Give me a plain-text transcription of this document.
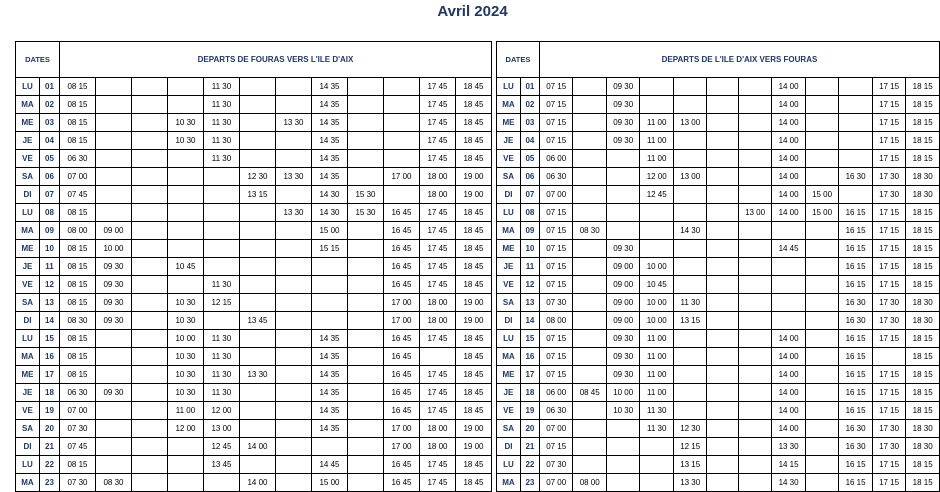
Avril 2024
DATES		DEPARTS DE FOURAS VERS L'ILE D'AIX											
LU	01	08 15				11 30			14 35			17 45	18 45
MA	02	08 15				11 30			14 35			17 45	18 45
ME	03	08 15			10 30	11 30		13 30	14 35			17 45	18 45
JE	04	08 15			10 30	11 30			14 35			17 45	18 45
VE	05	06 30				11 30			14 35			17 45	18 45
SA	06	07 00					12 30	13 30	14 35		17 00	18 00	19 00
DI	07	07 45					13 15		14 30	15 30		18 00	19 00
LU	08	08 15						13 30	14 30	15 30	16 45	17 45	18 45
MA	09	08 00	09 00						15 00		16 45	17 45	18 45
ME	10	08 15	10 00						15 15		16 45	17 45	18 45
JE	11	08 15	09 30		10 45						16 45	17 45	18 45
VE	12	08 15	09 30			11 30					16 45	17 45	18 45
SA	13	08 15	09 30		10 30	12 15					17 00	18 00	19 00
DI	14	08 30	09 30		10 30		13 45				17 00	18 00	19 00
LU	15	08 15			10 00	11 30			14 35		16 45	17 45	18 45
MA	16	08 15			10 30	11 30			14 35		16 45		18 45
ME	17	08 15			10 30	11 30	13 30		14 35		16 45	17 45	18 45
JE	18	06 30	09 30		10 30	11 30			14 35		16 45	17 45	18 45
VE	19	07 00			11 00	12 00			14 35		16 45	17 45	18 45
SA	20	07 30			12 00	13 00			14 35		17 00	18 00	19 00
DI	21	07 45				12 45	14 00				17 00	18 00	19 00
LU	22	08 15				13 45			14 45		16 45	17 45	18 45
MA	23	07 30	08 30				14 00		15 00		16 45	17 45	18 45
DATES		DEPARTS DE L'ILE D'AIX VERS FOURAS											
LU	01	07 15		09 30					14 00			17 15	18 15
MA	02	07 15		09 30					14 00			17 15	18 15
ME	03	07 15		09 30	11 00	13 00			14 00			17 15	18 15
JE	04	07 15		09 30	11 00				14 00			17 15	18 15
VE	05	06 00			11 00				14 00			17 15	18 15
SA	06	06 30			12 00	13 00			14 00		16 30	17 30	18 30
DI	07	07 00			12 45				14 00	15 00		17 30	18 30
LU	08	07 15						13 00	14 00	15 00	16 15	17 15	18 15
MA	09	07 15	08 30			14 30					16 15	17 15	18 15
ME	10	07 15		09 30					14 45		16 15	17 15	18 15
JE	11	07 15		09 00	10 00						16 15	17 15	18 15
VE	12	07 15		09 00	10 45						16 15	17 15	18 15
SA	13	07 30		09 00	10 00	11 30					16 30	17 30	18 30
DI	14	08 00		09 00	10 00	13 15					16 30	17 30	18 30
LU	15	07 15		09 30	11 00				14 00		16 15	17 15	18 15
MA	16	07 15		09 30	11 00				14 00		16 15		18 15
ME	17	07 15		09 30	11 00				14 00		16 15	17 15	18 15
JE	18	06 00	08 45	10 00	11 00				14 00		16 15	17 15	18 15
VE	19	06 30		10 30	11 30				14 00		16 15	17 15	18 15
SA	20	07 00			11 30	12 30			14 00		16 30	17 30	18 30
DI	21	07 15				12 15			13 30		16 30	17 30	18 30
LU	22	07 30				13 15			14 15		16 15	17 15	18 15
MA	23	07 00	08 00			13 30			14 30		16 15	17 15	18 15
